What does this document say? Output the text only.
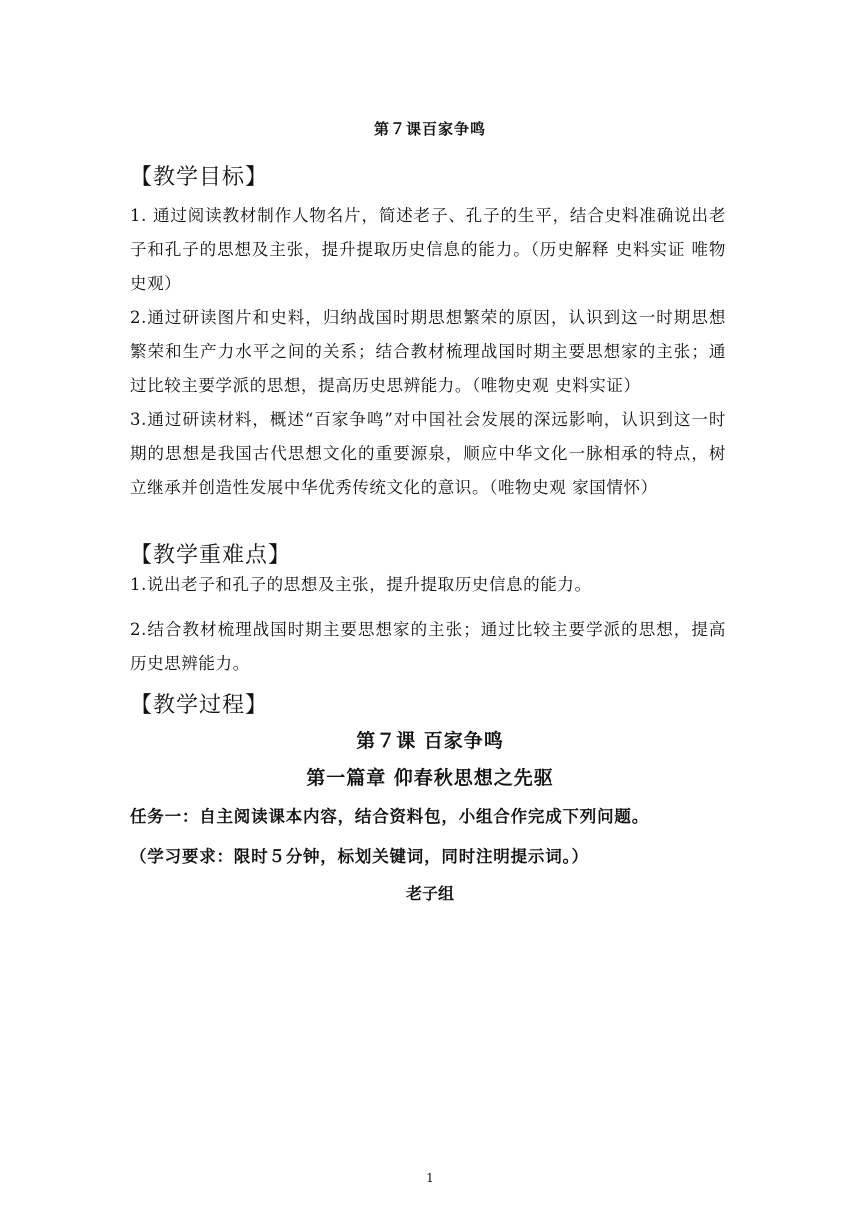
第７课百家争鸣
【教学目标】
1. 通过阅读教材制作人物名片，简述老子、孔子的生平，结合史料准确说出老子和孔子的思想及主张，提升提取历史信息的能力。（历史解释 史料实证 唯物史观）
2.通过研读图片和史料，归纳战国时期思想繁荣的原因，认识到这一时期思想繁荣和生产力水平之间的关系；结合教材梳理战国时期主要思想家的主张；通过比较主要学派的思想，提高历史思辨能力。（唯物史观 史料实证）
3.通过研读材料，概述“百家争鸣”对中国社会发展的深远影响，认识到这一时期的思想是我国古代思想文化的重要源泉，顺应中华文化一脉相承的特点，树立继承并创造性发展中华优秀传统文化的意识。（唯物史观 家国情怀）
【教学重难点】
1.说出老子和孔子的思想及主张，提升提取历史信息的能力。
2.结合教材梳理战国时期主要思想家的主张；通过比较主要学派的思想，提高历史思辨能力。
【教学过程】
第７课 百家争鸣
第一篇章 仰春秋思想之先驱
任务一：自主阅读课本内容，结合资料包，小组合作完成下列问题。
（学习要求：限时５分钟，标划关键词，同时注明提示词。）
老子组
1
